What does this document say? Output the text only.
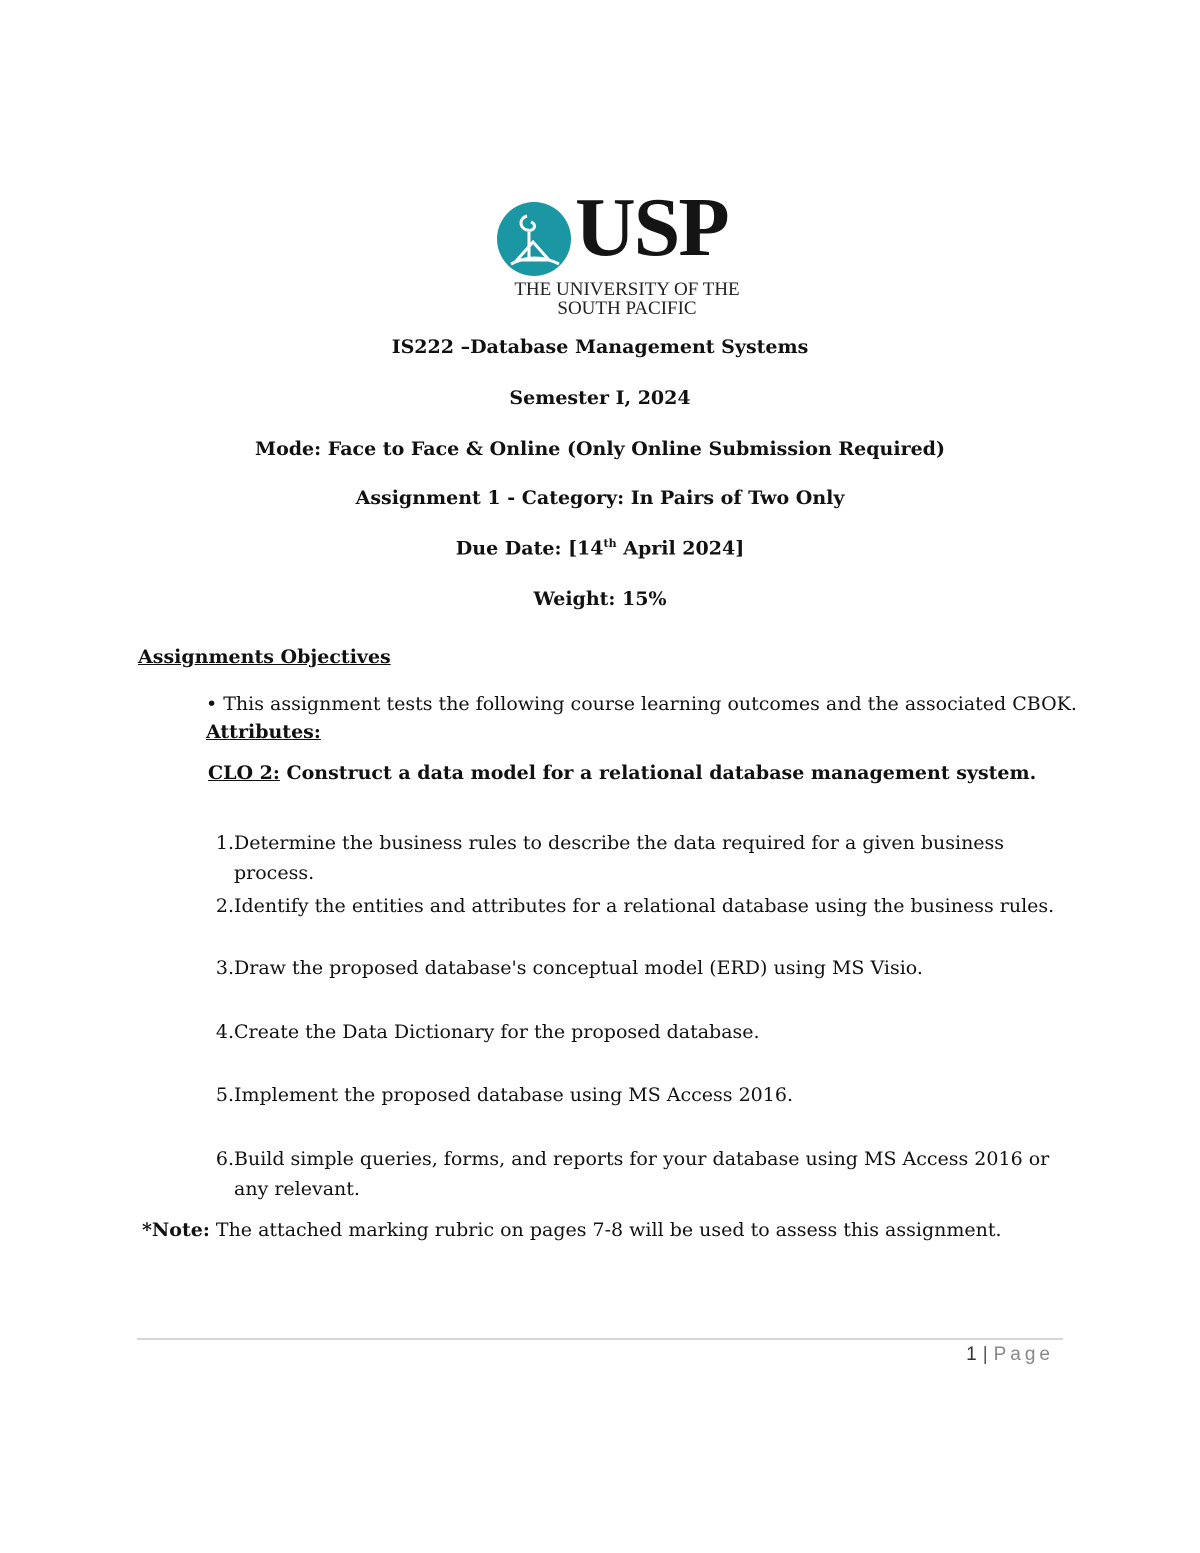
USP
THE UNIVERSITY OF THE
SOUTH PACIFIC
IS222 –Database Management Systems
Semester I, 2024
Mode: Face to Face & Online (Only Online Submission Required)
Assignment 1 - Category: In Pairs of Two Only
Due Date: [14th April 2024]
Weight: 15%
Assignments Objectives
• This assignment tests the following course learning outcomes and the associated CBOK.
Attributes:
CLO 2: Construct a data model for a relational database management system.
1. Determine the business rules to describe the data required for a given business process.
2. Identify the entities and attributes for a relational database using the business rules.
3. Draw the proposed database's conceptual model (ERD) using MS Visio.
4. Create the Data Dictionary for the proposed database.
5. Implement the proposed database using MS Access 2016.
6. Build simple queries, forms, and reports for your database using MS Access 2016 or any relevant.
*Note: The attached marking rubric on pages 7-8 will be used to assess this assignment.
1 | Page
